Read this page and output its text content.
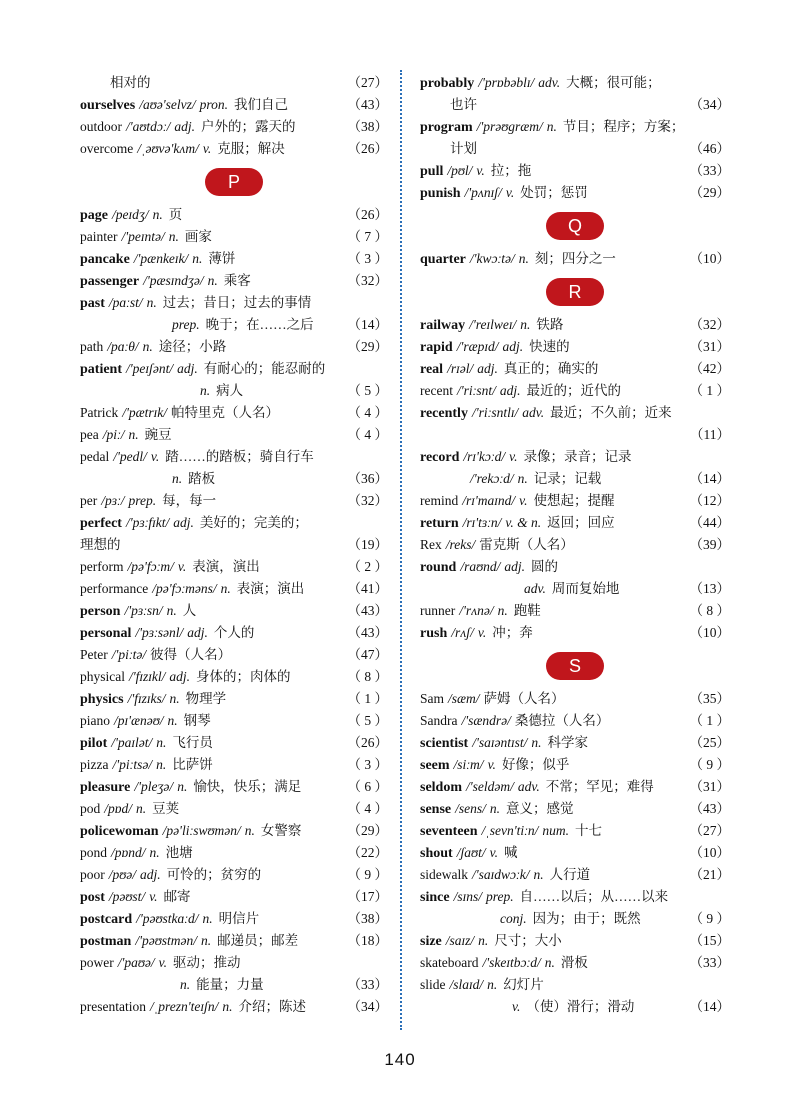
相对的	（27）
ourselves /aʊə'selvz/ pron. 我们自己	（43）
outdoor /'aʊtdɔː/ adj. 户外的；露天的	（38）
overcome /ˌəʊvə'kʌm/ v. 克服；解决	（26）
P
page /peɪdʒ/ n. 页	（26）
painter /'peɪntə/ n. 画家	（ 7 ）
pancake /'pænkeɪk/ n. 薄饼	（ 3 ）
passenger /'pæsɪndʒə/ n. 乘客	（32）
past /pɑːst/ n. 过去；昔日；过去的事情
prep. 晚于；在……之后	（14）
path /pɑːθ/ n. 途径；小路	（29）
patient /'peɪʃənt/ adj. 有耐心的；能忍耐的
n. 病人	（ 5 ）
Patrick /'pætrɪk/ 帕特里克（人名）	（ 4 ）
pea /piː/ n. 豌豆	（ 4 ）
pedal /'pedl/ v. 踏……的踏板；骑自行车
n. 踏板	（36）
per /pɜː/ prep. 每，每一	（32）
perfect /'pɜːfɪkt/ adj. 美好的；完美的；
理想的	（19）
perform /pə'fɔːm/ v. 表演，演出	（ 2 ）
performance /pə'fɔːməns/ n. 表演；演出	（41）
person /'pɜːsn/ n. 人	（43）
personal /'pɜːsənl/ adj. 个人的	（43）
Peter /'piːtə/ 彼得（人名）	（47）
physical /'fɪzɪkl/ adj. 身体的；肉体的	（ 8 ）
physics /'fɪzɪks/ n. 物理学	（ 1 ）
piano /pɪ'ænəʊ/ n. 钢琴	（ 5 ）
pilot /'paɪlət/ n. 飞行员	（26）
pizza /'piːtsə/ n. 比萨饼	（ 3 ）
pleasure /'pleʒə/ n. 愉快，快乐；满足	（ 6 ）
pod /pɒd/ n. 豆荚	（ 4 ）
policewoman /pə'liːswʊmən/ n. 女警察	（29）
pond /pɒnd/ n. 池塘	（22）
poor /pʊə/ adj. 可怜的；贫穷的	（ 9 ）
post /pəʊst/ v. 邮寄	（17）
postcard /'pəʊstkɑːd/ n. 明信片	（38）
postman /'pəʊstmən/ n. 邮递员；邮差	（18）
power /'paʊə/ v. 驱动；推动
n. 能量；力量	（33）
presentation /ˌprezn'teɪʃn/ n. 介绍；陈述	（34）
probably /'prɒbəblɪ/ adv. 大概；很可能；
也许	（34）
program /'prəʊgræm/ n. 节目；程序；方案；
计划	（46）
pull /pʊl/ v. 拉；拖	（33）
punish /'pʌnɪʃ/ v. 处罚；惩罚	（29）
Q
quarter /'kwɔːtə/ n. 刻；四分之一	（10）
R
railway /'reɪlweɪ/ n. 铁路	（32）
rapid /'ræpɪd/ adj. 快速的	（31）
real /rɪəl/ adj. 真正的；确实的	（42）
recent /'riːsnt/ adj. 最近的；近代的	（ 1 ）
recently /'riːsntlɪ/ adv. 最近；不久前；近来
（11）
record /rɪ'kɔːd/ v. 录像；录音；记录
/'rekɔːd/ n. 记录；记载	（14）
remind /rɪ'maɪnd/ v. 使想起；提醒	（12）
return /rɪ'tɜːn/ v. & n. 返回；回应	（44）
Rex /reks/ 雷克斯（人名）	（39）
round /raʊnd/ adj. 圆的
adv. 周而复始地	（13）
runner /'rʌnə/ n. 跑鞋	（ 8 ）
rush /rʌʃ/ v. 冲；奔	（10）
S
Sam /sæm/ 萨姆（人名）	（35）
Sandra /'sændrə/ 桑德拉（人名）	（ 1 ）
scientist /'saɪəntɪst/ n. 科学家	（25）
seem /siːm/ v. 好像；似乎	（ 9 ）
seldom /'seldəm/ adv. 不常；罕见；难得	（31）
sense /sens/ n. 意义；感觉	（43）
seventeen /ˌsevn'tiːn/ num. 十七	（27）
shout /ʃaʊt/ v. 喊	（10）
sidewalk /'saɪdwɔːk/ n. 人行道	（21）
since /sɪns/ prep. 自……以后；从……以来
conj. 因为；由于；既然	（ 9 ）
size /saɪz/ n. 尺寸；大小	（15）
skateboard /'skeɪtbɔːd/ n. 滑板	（33）
slide /slaɪd/ n. 幻灯片
v. （使）滑行；滑动	（14）
140
